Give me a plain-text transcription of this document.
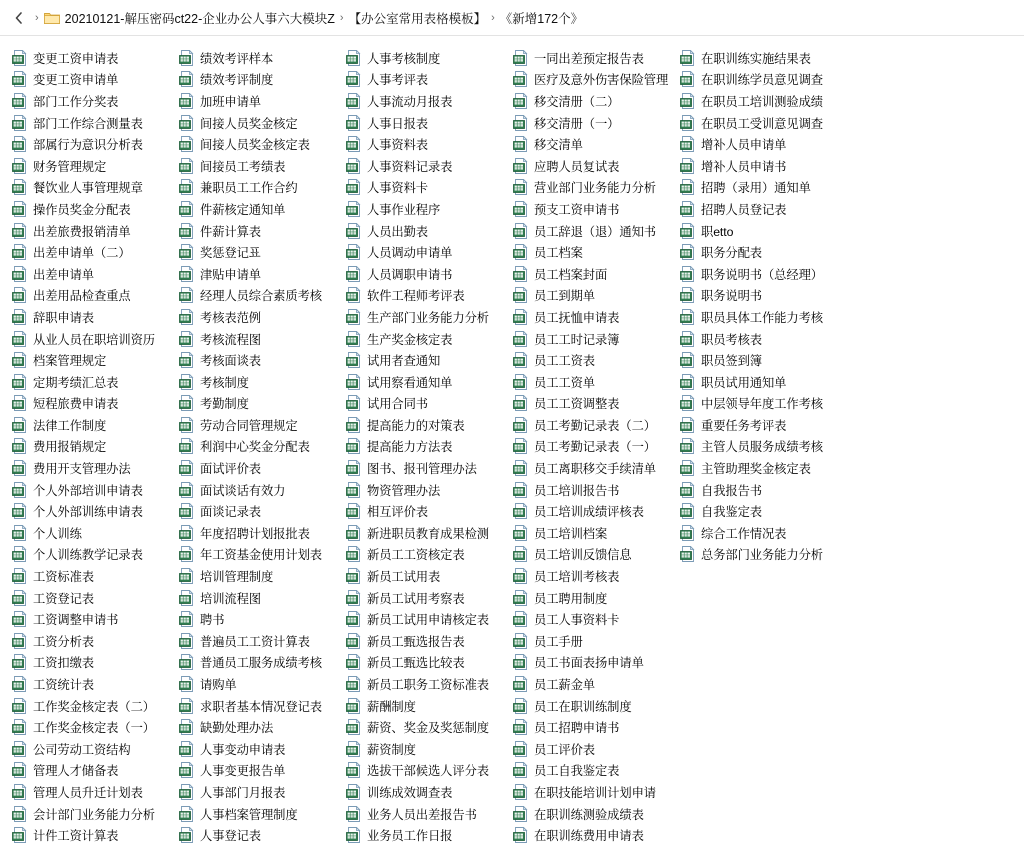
›	20210121-解压密码ct22-企业办公人事六大模块Z › 【办公室常用表格模板】 › 《新增172个》
变更工资申请表
变更工资申请单
部门工作分奖表
部门工作综合测量表
部属行为意识分析表
财务管理规定
餐饮业人事管理规章
操作员奖金分配表
出差旅费报销清单
出差申请单（二）
出差申请单
出差用品检查重点
辞职申请表
从业人员在职培训资历
档案管理规定
定期考绩汇总表
短程旅费申请表
法律工作制度
费用报销规定
费用开支管理办法
个人外部培训申请表
个人外部训练申请表
个人训练
个人训练教学记录表
工资标准表
工资登记表
工资调整申请书
工资分析表
工资扣缴表
工资统计表
工作奖金核定表（二）
工作奖金核定表（一）
公司劳动工资结构
管理人才储备表
管理人员升迁计划表
会计部门业务能力分析
计件工资计算表
绩效考评样本
绩效考评制度
加班申请单
间接人员奖金核定
间接人员奖金核定表
间接员工考绩表
兼职员工工作合约
件薪核定通知单
件薪计算表
奖惩登记표
津贴申请单
经理人员综合素质考核
考核表范例
考核流程图
考核面谈表
考核制度
考勤制度
劳动合同管理规定
利润中心奖金分配表
面试评价表
面试谈话有效力
面谈记录表
年度招聘计划报批表
年工资基金使用计划表
培训管理制度
培训流程图
聘书
普遍员工工资计算表
普通员工服务成绩考核
请购单
求职者基本情况登记表
缺勤处理办法
人事变动申请表
人事变更报告单
人事部门月报表
人事档案管理制度
人事登记表
人事考核制度
人事考评表
人事流动月报表
人事日报表
人事资料表
人事资料记录表
人事资料卡
人事作业程序
人员出勤表
人员调动申请单
人员调职申请书
软件工程师考评表
生产部门业务能力分析
生产奖金核定表
试用者查通知
试用察看通知单
试用合同书
提高能力的对策表
提高能力方法表
图书、报刊管理办法
物资管理办法
相互评价表
新进职员教育成果检测
新员工工资核定表
新员工试用表
新员工试用考察表
新员工试用申请核定表
新员工甄选报告表
新员工甄选比较表
新员工职务工资标准表
薪酬制度
薪资、奖金及奖惩制度
薪资制度
选拔干部候选人评分表
训练成效调查表
业务人员出差报告书
业务员工作日报
一同出差预定报告表
医疗及意外伤害保险管理
移交清册（二）
移交清册（一）
移交清单
应聘人员复试表
营业部门业务能力分析
预支工资申请书
员工辞退（退）通知书
员工档案
员工档案封面
员工到期单
员工抚恤申请表
员工工时记录簿
员工工资表
员工工资单
员工工资调整表
员工考勤记录表（二）
员工考勤记录表（一）
员工离职移交手续清单
员工培训报告书
员工培训成绩评核表
员工培训档案
员工培训反馈信息
员工培训考核表
员工聘用制度
员工人事资料卡
员工手册
员工书面表扬申请单
员工薪金单
员工在职训练制度
员工招聘申请书
员工评价表
员工自我鉴定表
在职技能培训计划申请
在职训练测验成绩表
在职训练费用申请表
在职训练实施结果表
在职训练学员意见调查
在职员工培训测验成绩
在职员工受训意见调查
增补人员申请单
增补人员申请书
招聘（录用）通知单
招聘人员登记表
职etto
职务分配表
职务说明书（总经理）
职务说明书
职员具体工作能力考核
职员考核表
职员签到簿
职员试用通知单
中层领导年度工作考核
重要任务考评表
主管人员服务成绩考核
主管助理奖金核定表
自我报告书
自我鉴定表
综合工作情况表
总务部门业务能力分析
